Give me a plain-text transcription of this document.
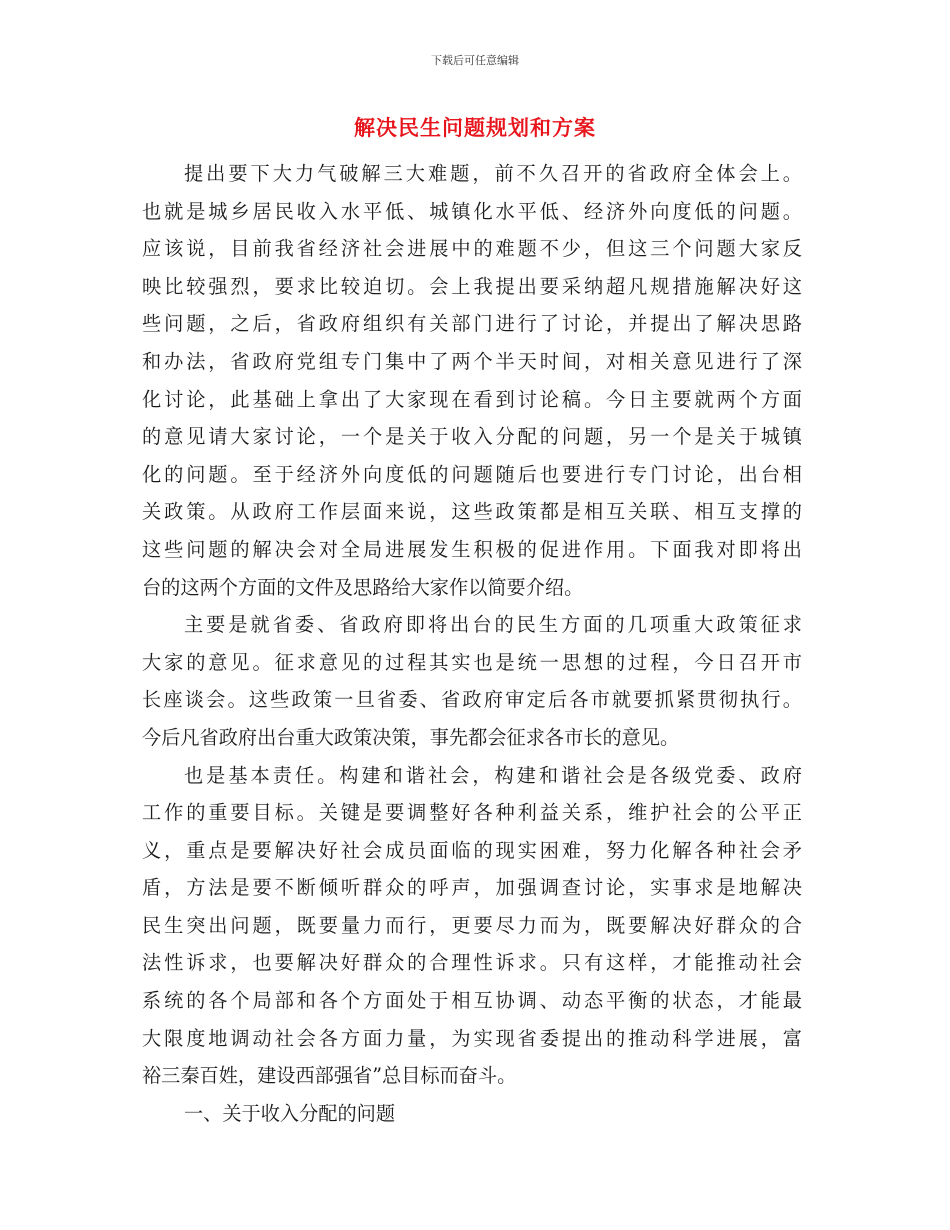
下载后可任意编辑
解决民生问题规划和方案
提出要下大力气破解三大难题，前不久召开的省政府全体会上。
也就是城乡居民收入水平低、城镇化水平低、经济外向度低的问题。
应该说，目前我省经济社会进展中的难题不少，但这三个问题大家反
映比较强烈，要求比较迫切。会上我提出要采纳超凡规措施解决好这
些问题，之后，省政府组织有关部门进行了讨论，并提出了解决思路
和办法，省政府党组专门集中了两个半天时间，对相关意见进行了深
化讨论，此基础上拿出了大家现在看到讨论稿。今日主要就两个方面
的意见请大家讨论，一个是关于收入分配的问题，另一个是关于城镇
化的问题。至于经济外向度低的问题随后也要进行专门讨论，出台相
关政策。从政府工作层面来说，这些政策都是相互关联、相互支撑的
这些问题的解决会对全局进展发生积极的促进作用。下面我对即将出
台的这两个方面的文件及思路给大家作以简要介绍。
主要是就省委、省政府即将出台的民生方面的几项重大政策征求
大家的意见。征求意见的过程其实也是统一思想的过程，今日召开市
长座谈会。这些政策一旦省委、省政府审定后各市就要抓紧贯彻执行。
今后凡省政府出台重大政策决策，事先都会征求各市长的意见。
也是基本责任。构建和谐社会，构建和谐社会是各级党委、政府
工作的重要目标。关键是要调整好各种利益关系，维护社会的公平正
义，重点是要解决好社会成员面临的现实困难，努力化解各种社会矛
盾，方法是要不断倾听群众的呼声，加强调查讨论，实事求是地解决
民生突出问题，既要量力而行，更要尽力而为，既要解决好群众的合
法性诉求，也要解决好群众的合理性诉求。只有这样，才能推动社会
系统的各个局部和各个方面处于相互协调、动态平衡的状态，才能最
大限度地调动社会各方面力量，为实现省委提出的推动科学进展，富
裕三秦百姓，建设西部强省”总目标而奋斗。
一、关于收入分配的问题
